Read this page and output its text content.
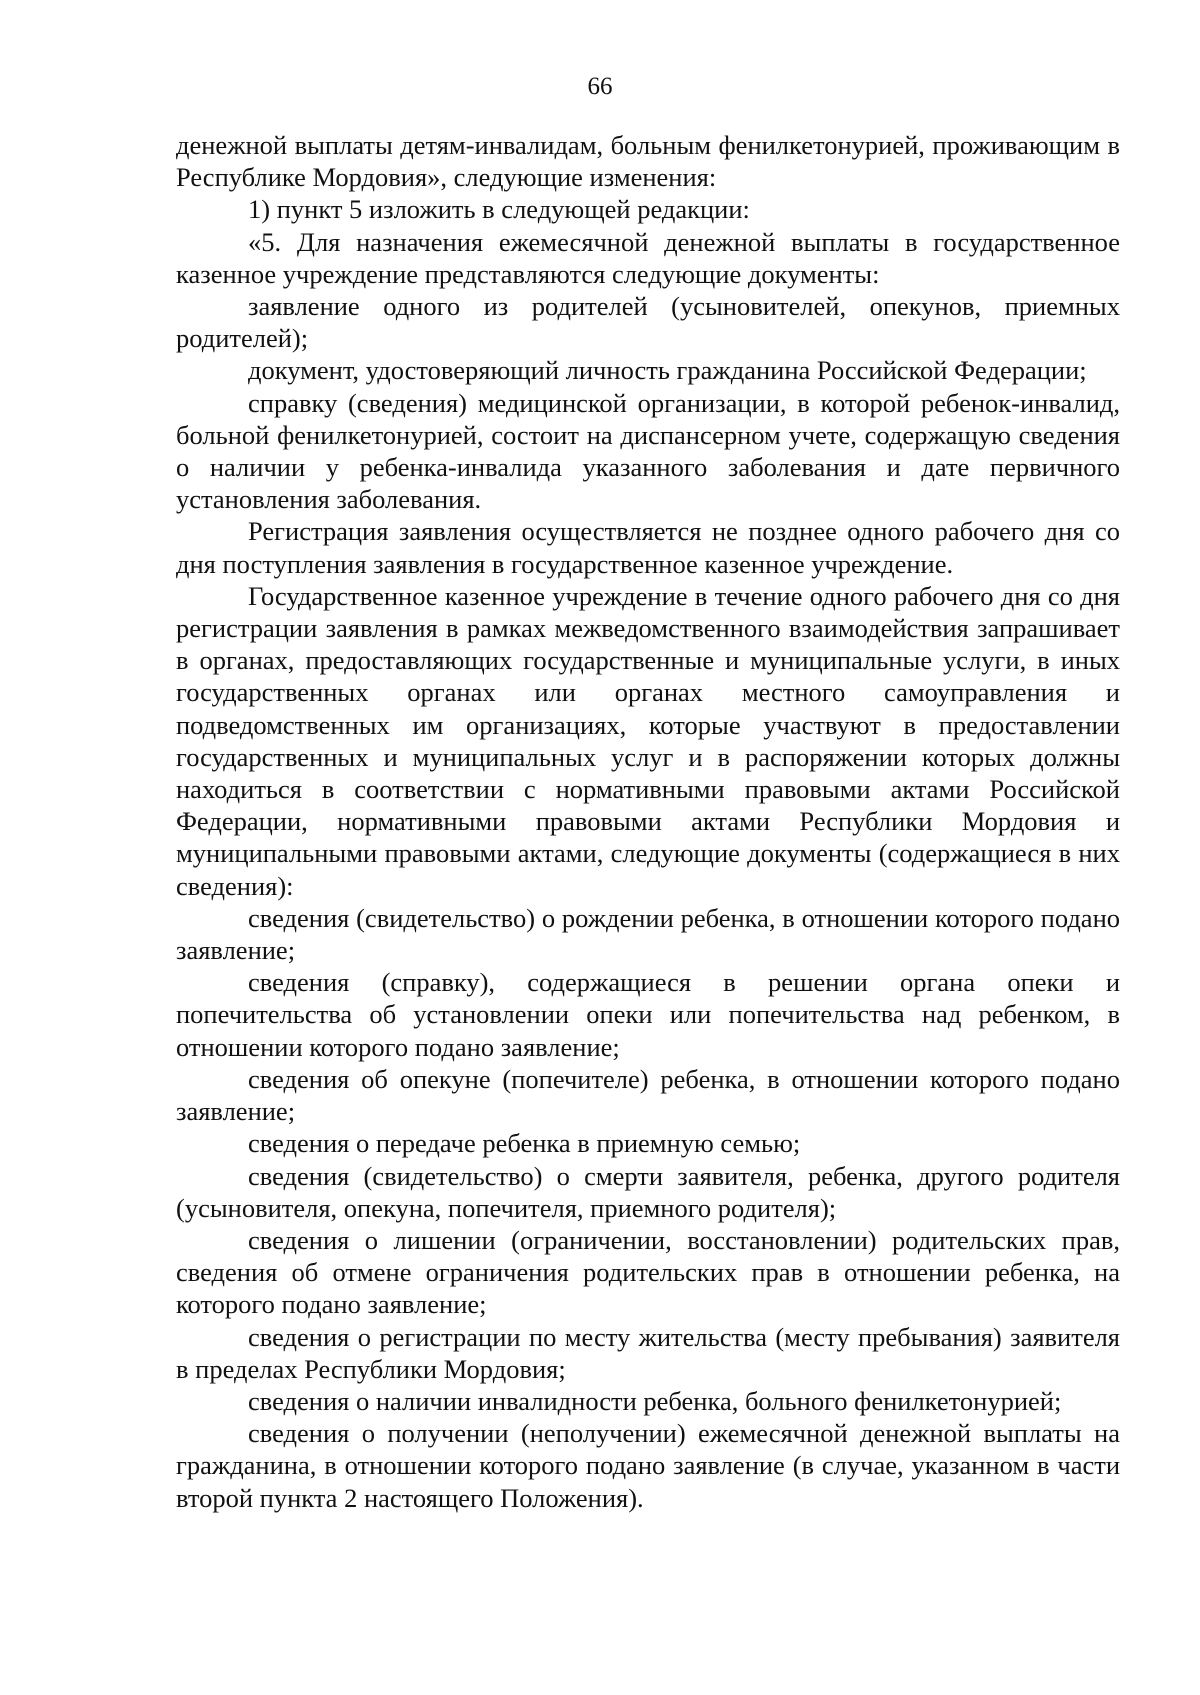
66

денежной выплаты детям-инвалидам, больным фенилкетонурией, проживающим в Республике Мордовия», следующие изменения:

1) пункт 5 изложить в следующей редакции:

«5. Для назначения ежемесячной денежной выплаты в государственное казенное учреждение представляются следующие документы:

заявление одного из родителей (усыновителей, опекунов, приемных родителей);

документ, удостоверяющий личность гражданина Российской Федерации;

справку (сведения) медицинской организации, в которой ребенок-инвалид, больной фенилкетонурией, состоит на диспансерном учете, содержащую сведения о наличии у ребенка-инвалида указанного заболевания и дате первичного установления заболевания.

Регистрация заявления осуществляется не позднее одного рабочего дня со дня поступления заявления в государственное казенное учреждение.

Государственное казенное учреждение в течение одного рабочего дня со дня регистрации заявления в рамках межведомственного взаимодействия запрашивает в органах, предоставляющих государственные и муниципальные услуги, в иных государственных органах или органах местного самоуправления и подведомственных им организациях, которые участвуют в предоставлении государственных и муниципальных услуг и в распоряжении которых должны находиться в соответствии с нормативными правовыми актами Российской Федерации, нормативными правовыми актами Республики Мордовия и муниципальными правовыми актами, следующие документы (содержащиеся в них сведения):

сведения (свидетельство) о рождении ребенка, в отношении которого подано заявление;

сведения (справку), содержащиеся в решении органа опеки и попечительства об установлении опеки или попечительства над ребенком, в отношении которого подано заявление;

сведения об опекуне (попечителе) ребенка, в отношении которого подано заявление;

сведения о передаче ребенка в приемную семью;

сведения (свидетельство) о смерти заявителя, ребенка, другого родителя (усыновителя, опекуна, попечителя, приемного родителя);

сведения о лишении (ограничении, восстановлении) родительских прав, сведения об отмене ограничения родительских прав в отношении ребенка, на которого подано заявление;

сведения о регистрации по месту жительства (месту пребывания) заявителя в пределах Республики Мордовия;

сведения о наличии инвалидности ребенка, больного фенилкетонурией;

сведения о получении (неполучении) ежемесячной денежной выплаты на гражданина, в отношении которого подано заявление (в случае, указанном в части второй пункта 2 настоящего Положения).
